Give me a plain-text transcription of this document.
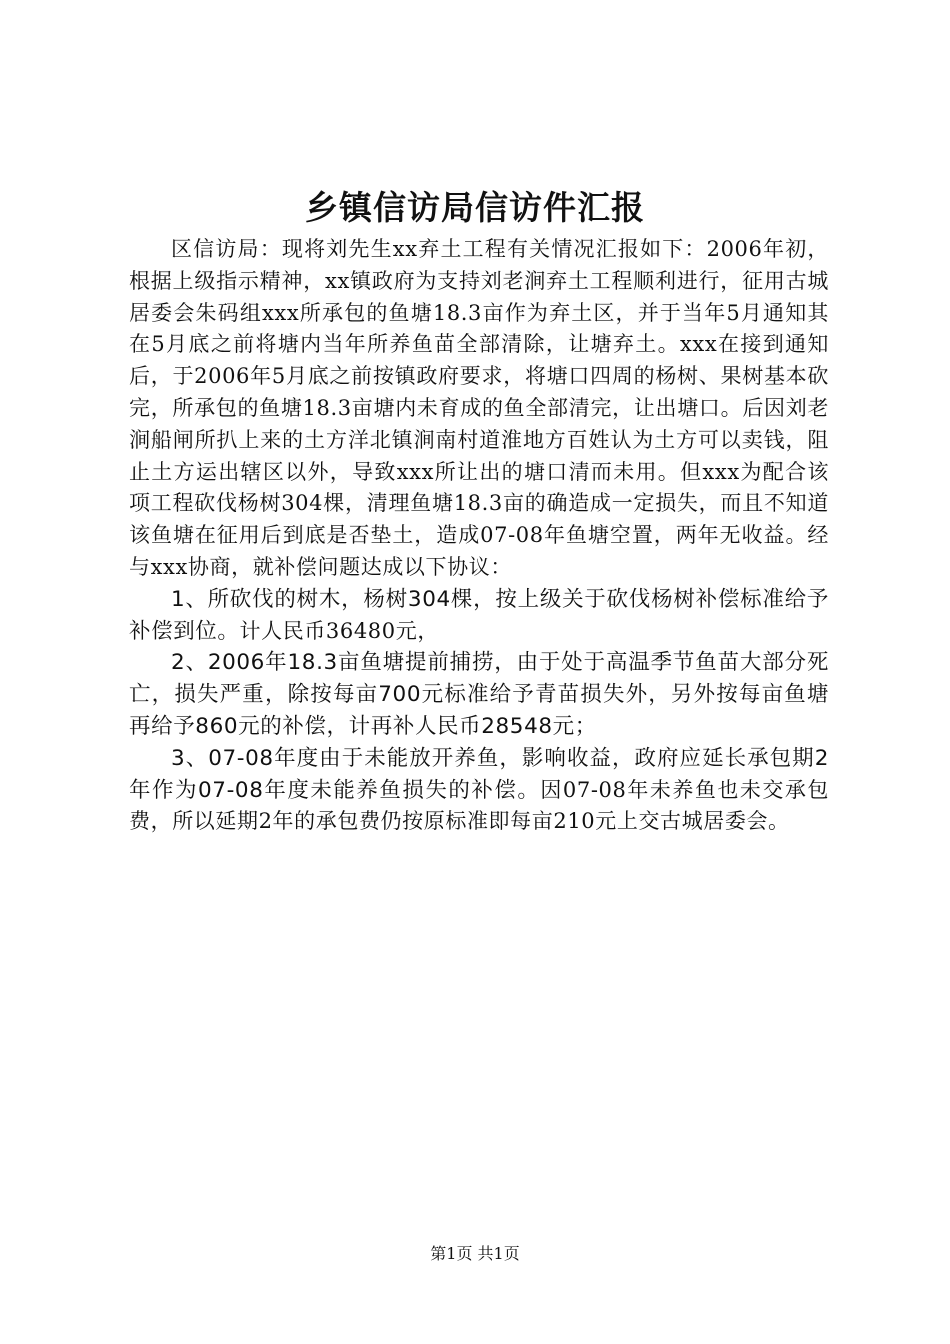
乡镇信访局信访件汇报

区信访局：现将刘先生xx弃土工程有关情况汇报如下：2006年初，根据上级指示精神，xx镇政府为支持刘老涧弃土工程顺利进行，征用古城居委会朱码组xxx所承包的鱼塘18.3亩作为弃土区，并于当年5月通知其在5月底之前将塘内当年所养鱼苗全部清除，让塘弃土。xxx在接到通知后，于2006年5月底之前按镇政府要求，将塘口四周的杨树、果树基本砍完，所承包的鱼塘18.3亩塘内未育成的鱼全部清完，让出塘口。后因刘老涧船闸所扒上来的土方洋北镇涧南村道淮地方百姓认为土方可以卖钱，阻止土方运出辖区以外，导致xxx所让出的塘口清而未用。但xxx为配合该项工程砍伐杨树304棵，清理鱼塘18.3亩的确造成一定损失，而且不知道该鱼塘在征用后到底是否垫土，造成07-08年鱼塘空置，两年无收益。经与xxx协商，就补偿问题达成以下协议：

1、所砍伐的树木，杨树304棵，按上级关于砍伐杨树补偿标准给予补偿到位。计人民币36480元，

2、2006年18.3亩鱼塘提前捕捞，由于处于高温季节鱼苗大部分死亡，损失严重，除按每亩700元标准给予青苗损失外，另外按每亩鱼塘再给予860元的补偿，计再补人民币28548元；

3、07-08年度由于未能放开养鱼，影响收益，政府应延长承包期2年作为07-08年度未能养鱼损失的补偿。因07-08年未养鱼也未交承包费，所以延期2年的承包费仍按原标准即每亩210元上交古城居委会。

第1页 共1页
